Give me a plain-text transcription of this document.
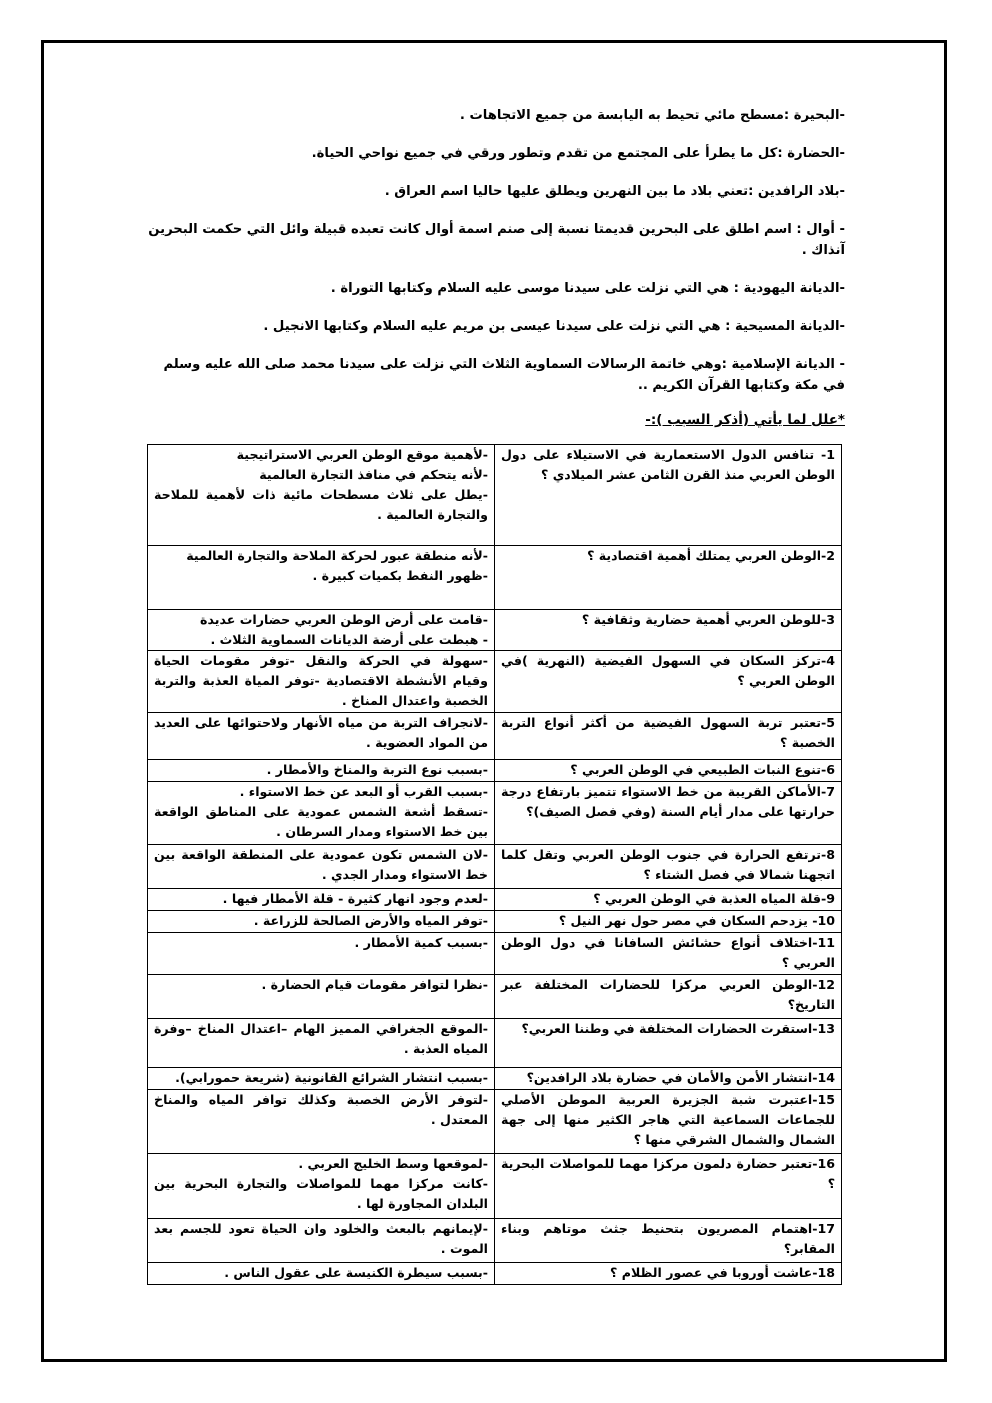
-البحيرة :مسطح مائي تحيط به اليابسة من جميع الاتجاهات .

-الحضارة :كل ما يطرأ على المجتمع من تقدم وتطور ورقي في جميع نواحي الحياة.

-بلاد الرافدين :تعني بلاد ما بين النهرين ويطلق عليها حاليا اسم العراق .

- أوال : اسم اطلق على البحرين قديمتا نسبة إلى صنم اسمة أوال كانت تعبده قبيلة وائل التي حكمت البحرين آنذاك .

-الديانة اليهودية : هي التي نزلت على سيدنا موسى عليه السلام وكتابها التوراة .

-الديانة المسيحية : هي التي نزلت على سيدنا عيسى بن مريم عليه السلام وكتابها الانجيل .

- الديانة الإسلامية :وهي خاتمة الرسالات السماوية الثلاث التي نزلت على سيدنا محمد صلى الله عليه وسلم في مكة وكتابها القرآن الكريم ..

*علل لما يأتي (أذكر السبب ):-
1- تنافس الدول الاستعمارية في الاستيلاء على دول الوطن العربي منذ القرن الثامن عشر الميلادي ؟	-لأهمية موقع الوطن العربي الاستراتيجية
-لأنه يتحكم في منافذ التجارة العالمية
-يطل على ثلاث مسطحات مائية ذات لأهمية للملاحة والتجارة العالمية .

2-الوطن العربي يمتلك أهمية اقتصادية ؟	-لأنه منطقة عبور لحركة الملاحة والتجارة العالمية
-ظهور النفط بكميات كبيرة .

3-للوطن العربي أهمية حضارية وثقافية ؟	-قامت على أرض الوطن العربي حضارات عديدة
- هبطت على أرضة الديانات السماوية الثلاث .

4-تركز السكان في السهول الفيضية (النهرية )في الوطن العربي ؟	-سهولة في الحركة والنقل -توفر مقومات الحياة وقيام الأنشطة الاقتصادية -توفر المياة العذبة والتربة الخصبة واعتدال المناخ .

5-تعتبر تربة السهول الفيضية من أكثر أنواع التربة الخصبة ؟	-لانجراف التربة من مياه الأنهار ولاحتوائها على العديد من المواد العضوية .

6-تنوع النبات الطبيعي في الوطن العربي ؟	-بسبب نوع التربة والمناخ والأمطار .

7-الأماكن القريبة من خط الاستواء تتميز بارتفاع درجة حرارتها على مدار أيام السنة (وفي فصل الصيف)؟	-بسبب القرب أو البعد عن خط الاستواء .
-تسقط أشعة الشمس عمودية على المناطق الواقعة بين خط الاستواء ومدار السرطان .

8-ترتفع الحرارة في جنوب الوطن العربي وتقل كلما اتجهنا شمالا في فصل الشتاء ؟	-لان الشمس تكون عمودية على المنطقة الواقعة بين خط الاستواء ومدار الجدي .

9-قلة المياه العذبة في الوطن العربي ؟	-لعدم وجود انهار كثيرة - قلة الأمطار فيها .

10- يزدحم السكان في مصر حول نهر النيل ؟	-توفر المياه والأرض الصالحة للزراعة .

11-اختلاف أنواع حشائش السافانا في دول الوطن العربي ؟	-بسبب كمية الأمطار .

12-الوطن العربي مركزا للحضارات المختلفة عبر التاريخ؟	-نظرا لتوافر مقومات قيام الحضارة .

13-استقرت الحضارات المختلفة في وطننا العربي؟	-الموقع الجغرافي المميز الهام –اعتدال المناخ –وفرة المياه العذبة .

14-انتشار الأمن والأمان في حضارة بلاد الرافدين؟	-بسبب انتشار الشرائع القانونية (شريعة حمورابي).

15-اعتبرت شبة الجزيرة العربية الموطن الأصلي للجماعات السماعية التي هاجر الكثير منها إلى جهة الشمال والشمال الشرقي منها ؟	-لتوفر الأرض الخصبة وكذلك توافر المياه والمناخ المعتدل .

16-تعتبر حضارة دلمون مركزا مهما للمواصلات البحرية ؟	-لموقعها وسط الخليج العربي .
-كانت مركزا مهما للمواصلات والتجارة البحرية بين البلدان المجاورة لها .

17-اهتمام المصريون بتحنيط جثث موتاهم وبناء المقابر؟	-لإيمانهم بالبعث والخلود وان الحياة تعود للجسم بعد الموت .

18-عاشت أوروبا في عصور الظلام ؟	-بسبب سيطرة الكنيسة على عقول الناس .
